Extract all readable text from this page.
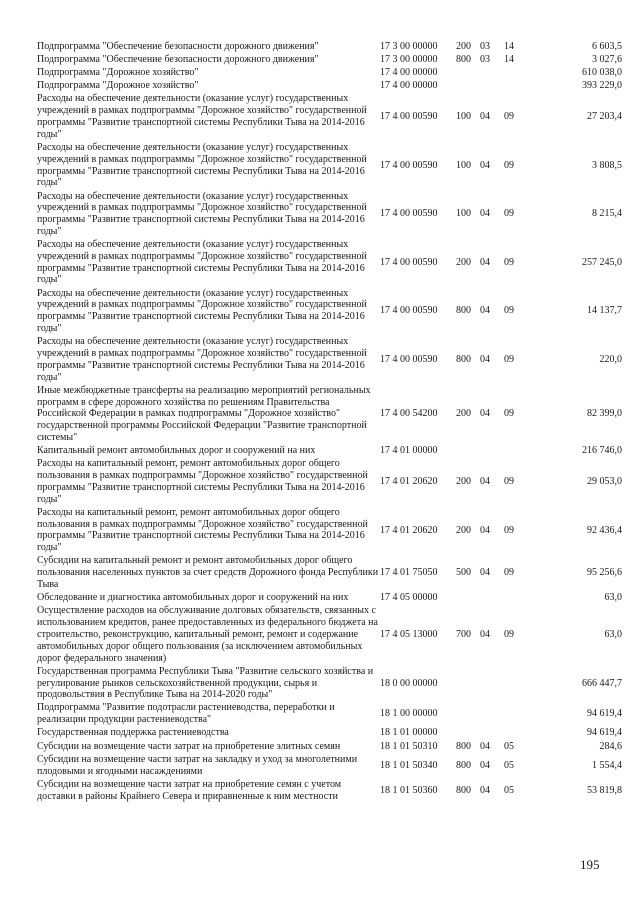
Подпрограмма "Обеспечение безопасности дорожного движения"	17 3 00 00000	200	03	14	6 603,5
Подпрограмма "Обеспечение безопасности дорожного движения"	17 3 00 00000	800	03	14	3 027,6
Подпрограмма "Дорожное хозяйство"	17 4 00 00000				610 038,0
Подпрограмма "Дорожное хозяйство"	17 4 00 00000				393 229,0
Расходы на обеспечение деятельности (оказание услуг) государственных учреждений в рамках подпрограммы "Дорожное хозяйство" государственной программы "Развитие транспортной системы Республики Тыва на 2014-2016 годы"	17 4 00 00590	100	04	09	27 203,4
Расходы на обеспечение деятельности (оказание услуг) государственных учреждений в рамках подпрограммы "Дорожное хозяйство" государственной программы "Развитие транспортной системы Республики Тыва на 2014-2016 годы"	17 4 00 00590	100	04	09	3 808,5
Расходы на обеспечение деятельности (оказание услуг) государственных учреждений в рамках подпрограммы "Дорожное хозяйство" государственной программы "Развитие транспортной системы Республики Тыва на 2014-2016 годы"	17 4 00 00590	100	04	09	8 215,4
Расходы на обеспечение деятельности (оказание услуг) государственных учреждений в рамках подпрограммы "Дорожное хозяйство" государственной программы "Развитие транспортной системы Республики Тыва на 2014-2016 годы"	17 4 00 00590	200	04	09	257 245,0
Расходы на обеспечение деятельности (оказание услуг) государственных учреждений в рамках подпрограммы "Дорожное хозяйство" государственной программы "Развитие транспортной системы Республики Тыва на 2014-2016 годы"	17 4 00 00590	800	04	09	14 137,7
Расходы на обеспечение деятельности (оказание услуг) государственных учреждений в рамках подпрограммы "Дорожное хозяйство" государственной программы "Развитие транспортной системы Республики Тыва на 2014-2016 годы"	17 4 00 00590	800	04	09	220,0
Иные межбюджетные трансферты на реализацию мероприятий региональных программ в сфере дорожного хозяйства по решениям Правительства Российской Федерации в рамках подпрограммы "Дорожное хозяйство" государственной программы Российской Федерации "Развитие транспортной системы"	17 4 00 54200	200	04	09	82 399,0
Капитальный ремонт автомобильных дорог и сооружений на них	17 4 01 00000				216 746,0
Расходы на капитальный ремонт, ремонт автомобильных дорог общего пользования в рамках подпрограммы "Дорожное хозяйство" государственной программы "Развитие транспортной системы Республики Тыва на 2014-2016 годы"	17 4 01 20620	200	04	09	29 053,0
Расходы на капитальный ремонт, ремонт автомобильных дорог общего пользования в рамках подпрограммы "Дорожное хозяйство" государственной программы "Развитие транспортной системы Республики Тыва на 2014-2016 годы"	17 4 01 20620	200	04	09	92 436,4
Субсидии на капитальный ремонт и ремонт автомобильных дорог общего пользования населенных пунктов за счет средств Дорожного фонда Республики Тыва	17 4 01 75050	500	04	09	95 256,6
Обследование и диагностика автомобильных дорог и сооружений на них	17 4 05 00000				63,0
Осуществление расходов на обслуживание долговых обязательств, связанных с использованием кредитов, ранее предоставленных из федерального бюджета на строительство, реконструкцию, капитальный ремонт, ремонт и содержание автомобильных дорог общего пользования (за исключением автомобильных дорог федерального значения)	17 4 05 13000	700	04	09	63,0
Государственная программа Республики Тыва "Развитие сельского хозяйства и регулирование рынков сельскохозяйственной продукции, сырья и продовольствия в Республике Тыва на 2014-2020 годы"	18 0 00 00000				666 447,7
Подпрограмма "Развитие подотрасли растениеводства, переработки и реализации продукции растениеводства"	18 1 00 00000				94 619,4
Государственная поддержка растениеводства	18 1 01 00000				94 619,4
Субсидии на возмещение части затрат на приобретение элитных семян	18 1 01 50310	800	04	05	284,6
Субсидии на возмещение части затрат на закладку и уход за многолетними плодовыми и ягодными насаждениями	18 1 01 50340	800	04	05	1 554,4
Субсидии на возмещение части затрат на приобретение семян с учетом доставки в районы Крайнего Севера и приравненные к ним местности	18 1 01 50360	800	04	05	53 819,8
195
